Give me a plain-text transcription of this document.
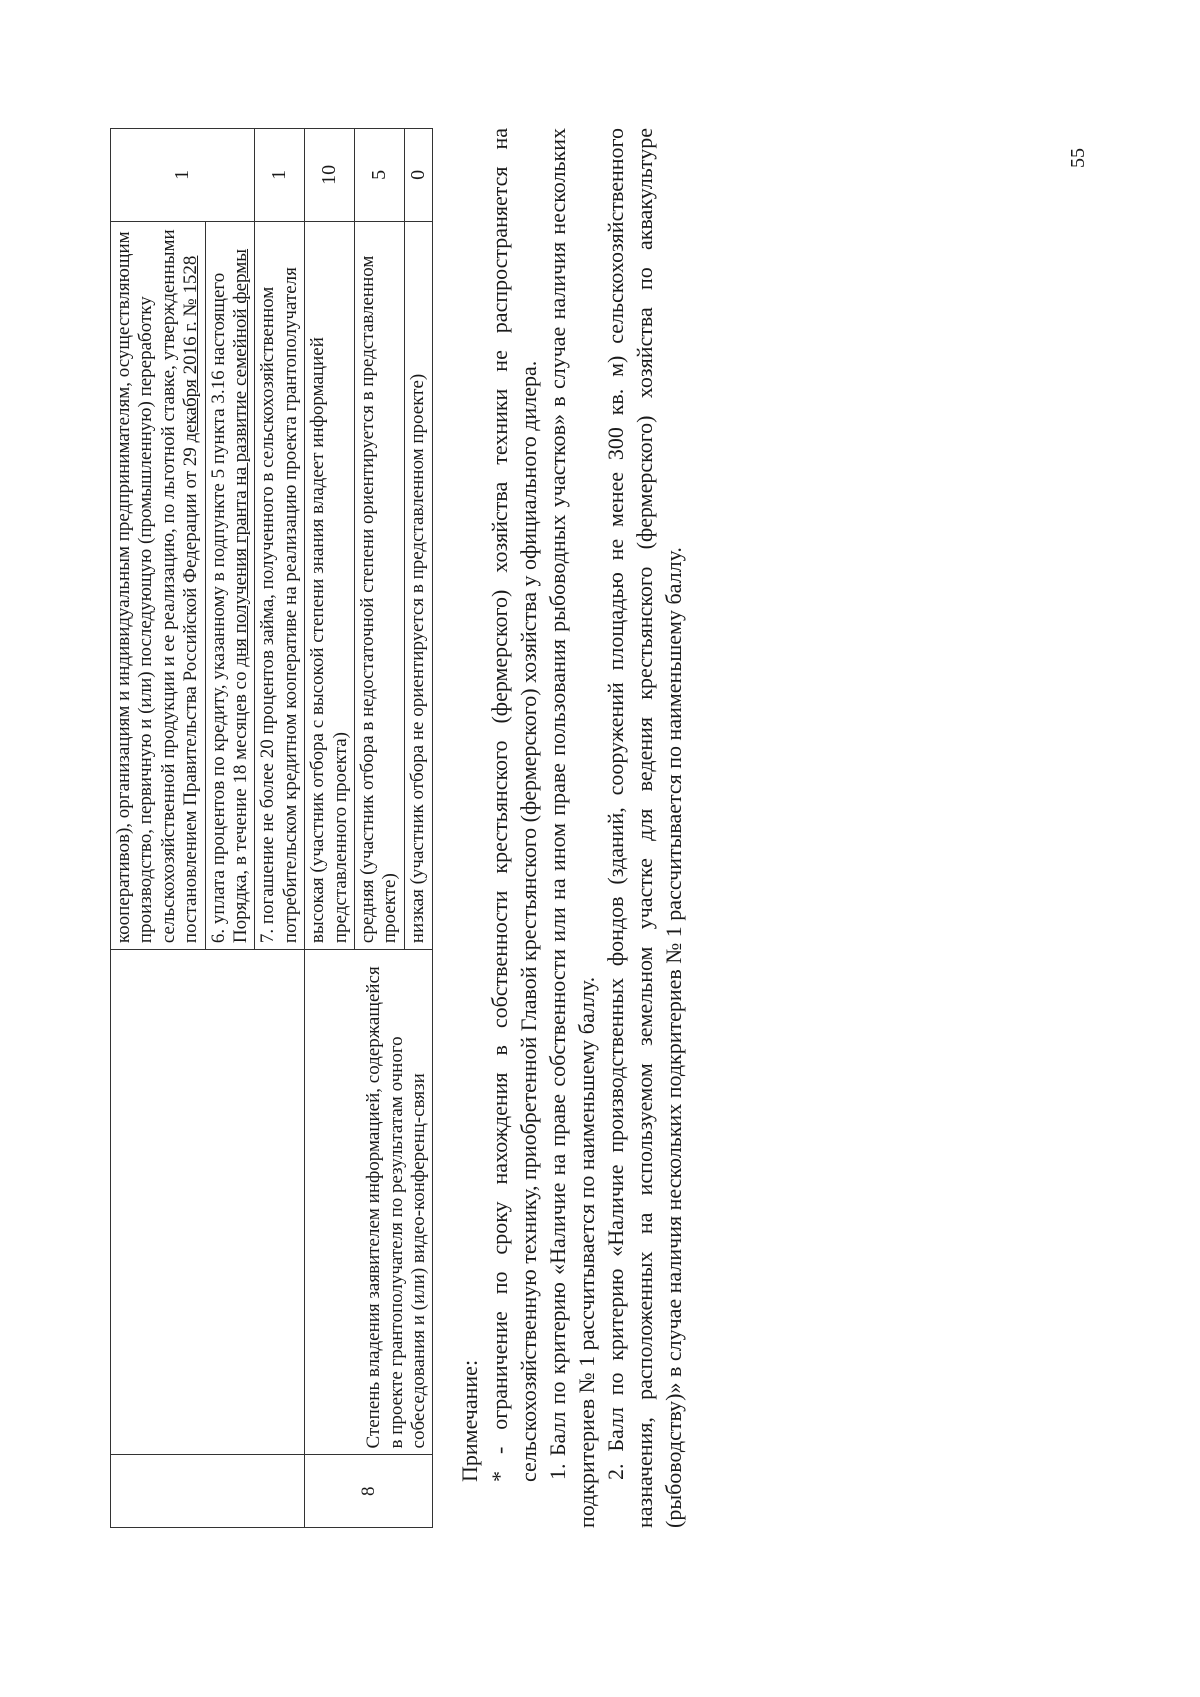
		кооперативов), организациям и индивидуальным предпринимателям, осуществляющим производство, первичную и (или) последующую (промышленную) переработку сельскохозяйственной продукции и ее реализацию, по льготной ставке, утвержденными постановлением Правительства Российской Федерации от 29 декабря 2016 г. № 1528	1
		6. уплата процентов по кредиту, указанному в подпункте 5 пункта 3.16 настоящего Порядка, в течение 18 месяцев со дня получения гранта на развитие семейной фермы	
		7. погашение не более 20 процентов займа, полученного в сельскохозяйственном потребительском кредитном кооперативе на реализацию проекта грантополучателя	1
8	Степень владения заявителем информацией, содержащейся в проекте грантополучателя по результатам очного собеседования и (или) видео-конференц-связи	высокая (участник отбора с высокой степени знания владеет информацией представленного проекта)	10
		средняя (участник отбора в недостаточной степени ориентируется в представленном проекте)	5
		низкая (участник отбора не ориентируется в представленном проекте)	0

Примечание: * - ограничение по сроку нахождения в собственности крестьянского (фермерского) хозяйства техники не распространяется на сельскохозяйственную технику, приобретенной Главой крестьянского (фермерского) хозяйства у официального дилера. 1. Балл по критерию «Наличие на праве собственности или на ином праве пользования рыбоводных участков» в случае наличия нескольких подкритериев № 1 рассчитывается по наименьшему баллу. 2. Балл по критерию «Наличие производственных фондов (зданий, сооружений площадью не менее 300 кв. м) сельскохозяйственного назначения, расположенных на используемом земельном участке для ведения крестьянского (фермерского) хозяйства по аквакультуре (рыбоводству)» в случае наличия нескольких подкритериев № 1 рассчитывается по наименьшему баллу.

55
